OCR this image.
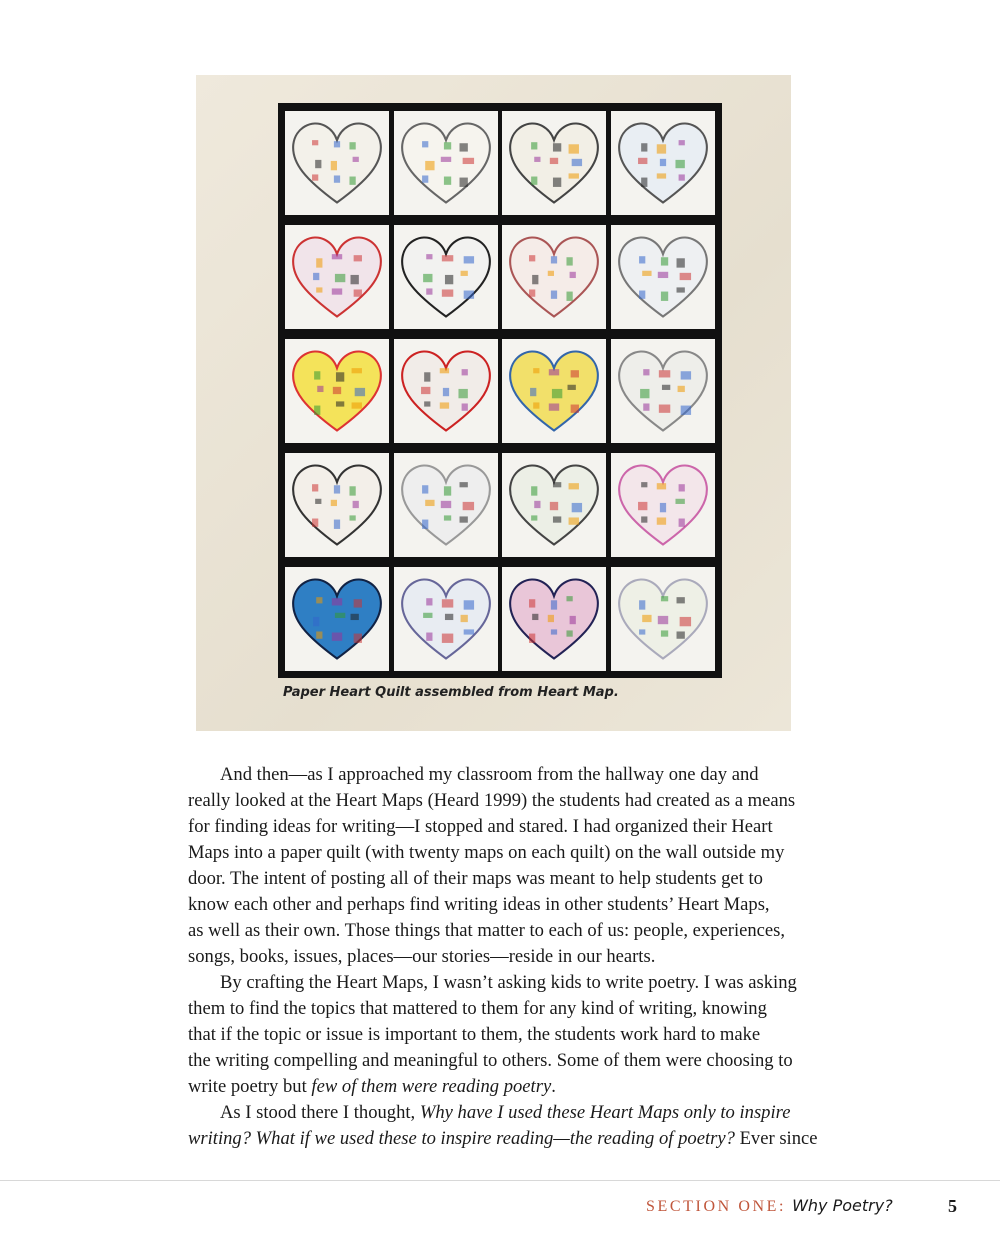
Paper Heart Quilt assembled from Heart Map.
And then—as I approached my classroom from the hallway one day and
really looked at the Heart Maps (Heard 1999) the students had created as a means
for finding ideas for writing—I stopped and stared. I had organized their Heart
Maps into a paper quilt (with twenty maps on each quilt) on the wall outside my
door. The intent of posting all of their maps was meant to help students get to
know each other and perhaps find writing ideas in other students’ Heart Maps,
as well as their own. Those things that matter to each of us: people, experiences,
songs, books, issues, places—our stories—reside in our hearts.
By crafting the Heart Maps, I wasn’t asking kids to write poetry. I was asking
them to find the topics that mattered to them for any kind of writing, knowing
that if the topic or issue is important to them, the students work hard to make
the writing compelling and meaningful to others. Some of them were choosing to
write poetry but few of them were reading poetry.
As I stood there I thought, Why have I used these Heart Maps only to inspire
writing? What if we used these to inspire reading—the reading of poetry? Ever since
SECTION ONE: Why Poetry?	5
